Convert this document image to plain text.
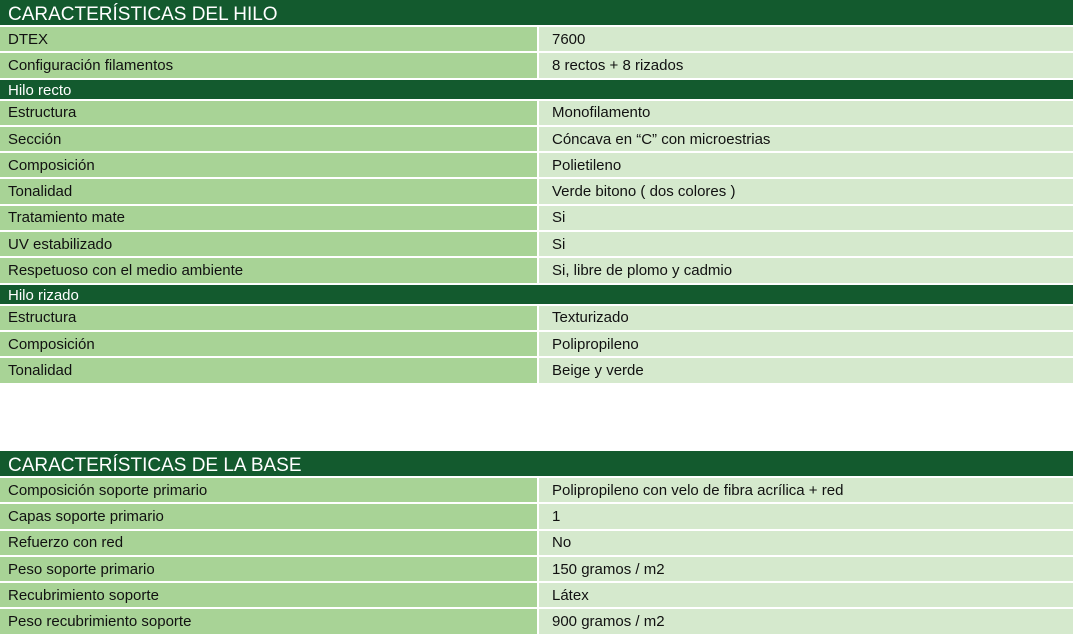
CARACTERÍSTICAS DEL HILO
DTEX	7600
Configuración filamentos	8 rectos + 8 rizados
Hilo recto
Estructura	Monofilamento
Sección	Cóncava en “C” con microestrias
Composición	Polietileno
Tonalidad	Verde bitono ( dos colores )
Tratamiento mate	Si
UV estabilizado	Si
Respetuoso con el medio ambiente	Si, libre de plomo y cadmio
Hilo rizado
Estructura	Texturizado
Composición	Polipropileno
Tonalidad	Beige y verde
CARACTERÍSTICAS DE LA BASE
Composición soporte primario	Polipropileno con velo de fibra acrílica + red
Capas soporte primario	1
Refuerzo con red	No
Peso soporte primario	150 gramos / m2
Recubrimiento soporte	Látex
Peso recubrimiento soporte	900 gramos / m2
